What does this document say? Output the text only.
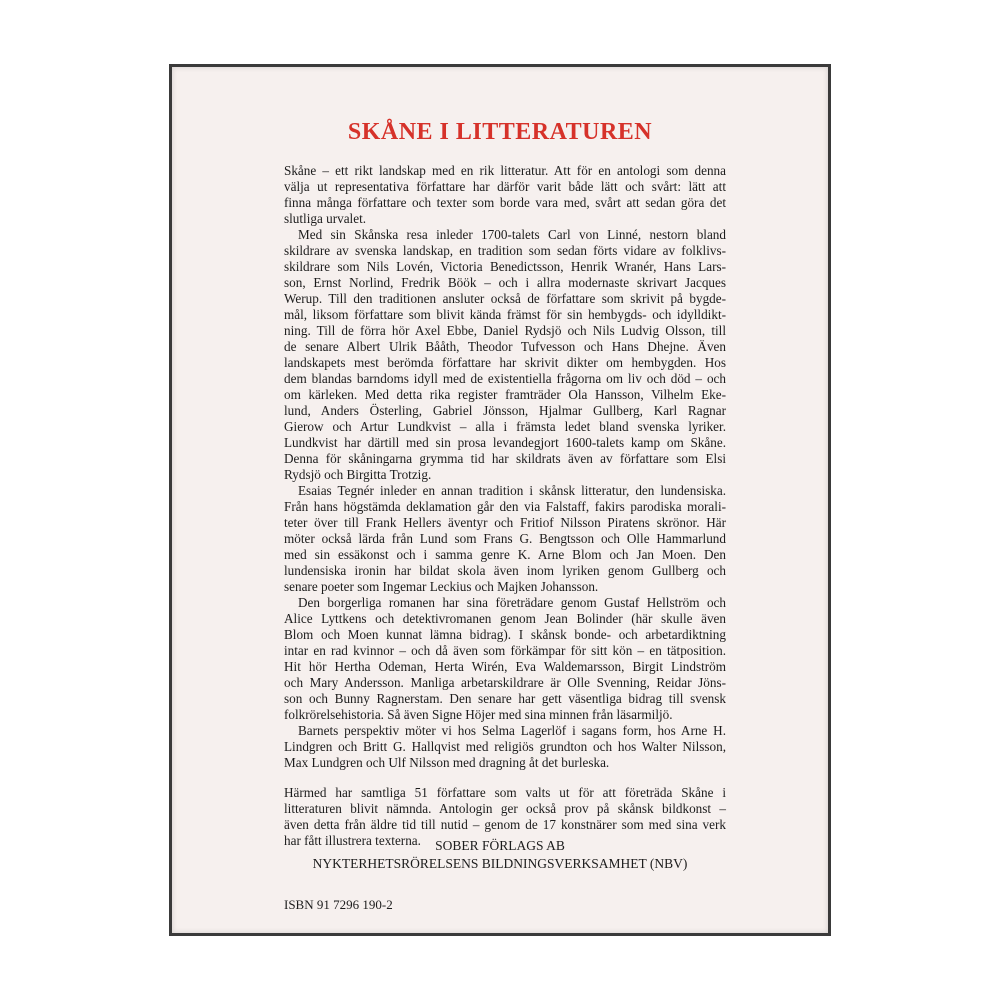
SKÅNE I LITTERATUREN
Skåne – ett rikt landskap med en rik litteratur. Att för en antologi som denna
välja ut representativa författare har därför varit både lätt och svårt: lätt att
finna många författare och texter som borde vara med, svårt att sedan göra det
slutliga urvalet.
Med sin Skånska resa inleder 1700-talets Carl von Linné, nestorn bland
skildrare av svenska landskap, en tradition som sedan förts vidare av folklivs-
skildrare som Nils Lovén, Victoria Benedictsson, Henrik Wranér, Hans Lars-
son, Ernst Norlind, Fredrik Böök – och i allra modernaste skrivart Jacques
Werup. Till den traditionen ansluter också de författare som skrivit på bygde-
mål, liksom författare som blivit kända främst för sin hembygds- och idylldikt-
ning. Till de förra hör Axel Ebbe, Daniel Rydsjö och Nils Ludvig Olsson, till
de senare Albert Ulrik Bååth, Theodor Tufvesson och Hans Dhejne. Även
landskapets mest berömda författare har skrivit dikter om hembygden. Hos
dem blandas barndoms idyll med de existentiella frågorna om liv och död – och
om kärleken. Med detta rika register framträder Ola Hansson, Vilhelm Eke-
lund, Anders Österling, Gabriel Jönsson, Hjalmar Gullberg, Karl Ragnar
Gierow och Artur Lundkvist – alla i främsta ledet bland svenska lyriker.
Lundkvist har därtill med sin prosa levandegjort 1600-talets kamp om Skåne.
Denna för skåningarna grymma tid har skildrats även av författare som Elsi
Rydsjö och Birgitta Trotzig.
Esaias Tegnér inleder en annan tradition i skånsk litteratur, den lundensiska.
Från hans högstämda deklamation går den via Falstaff, fakirs parodiska morali-
teter över till Frank Hellers äventyr och Fritiof Nilsson Piratens skrönor. Här
möter också lärda från Lund som Frans G. Bengtsson och Olle Hammarlund
med sin essäkonst och i samma genre K. Arne Blom och Jan Moen. Den
lundensiska ironin har bildat skola även inom lyriken genom Gullberg och
senare poeter som Ingemar Leckius och Majken Johansson.
Den borgerliga romanen har sina företrädare genom Gustaf Hellström och
Alice Lyttkens och detektivromanen genom Jean Bolinder (här skulle även
Blom och Moen kunnat lämna bidrag). I skånsk bonde- och arbetardiktning
intar en rad kvinnor – och då även som förkämpar för sitt kön – en tätposition.
Hit hör Hertha Odeman, Herta Wirén, Eva Waldemarsson, Birgit Lindström
och Mary Andersson. Manliga arbetarskildrare är Olle Svenning, Reidar Jöns-
son och Bunny Ragnerstam. Den senare har gett väsentliga bidrag till svensk
folkrörelsehistoria. Så även Signe Höjer med sina minnen från läsarmiljö.
Barnets perspektiv möter vi hos Selma Lagerlöf i sagans form, hos Arne H.
Lindgren och Britt G. Hallqvist med religiös grundton och hos Walter Nilsson,
Max Lundgren och Ulf Nilsson med dragning åt det burleska.
Härmed har samtliga 51 författare som valts ut för att företräda Skåne i
litteraturen blivit nämnda. Antologin ger också prov på skånsk bildkonst –
även detta från äldre tid till nutid – genom de 17 konstnärer som med sina verk
har fått illustrera texterna.	SOBER FÖRLAGS AB
NYKTERHETSRÖRELSENS BILDNINGSVERKSAMHET (NBV)
ISBN 91 7296 190-2
